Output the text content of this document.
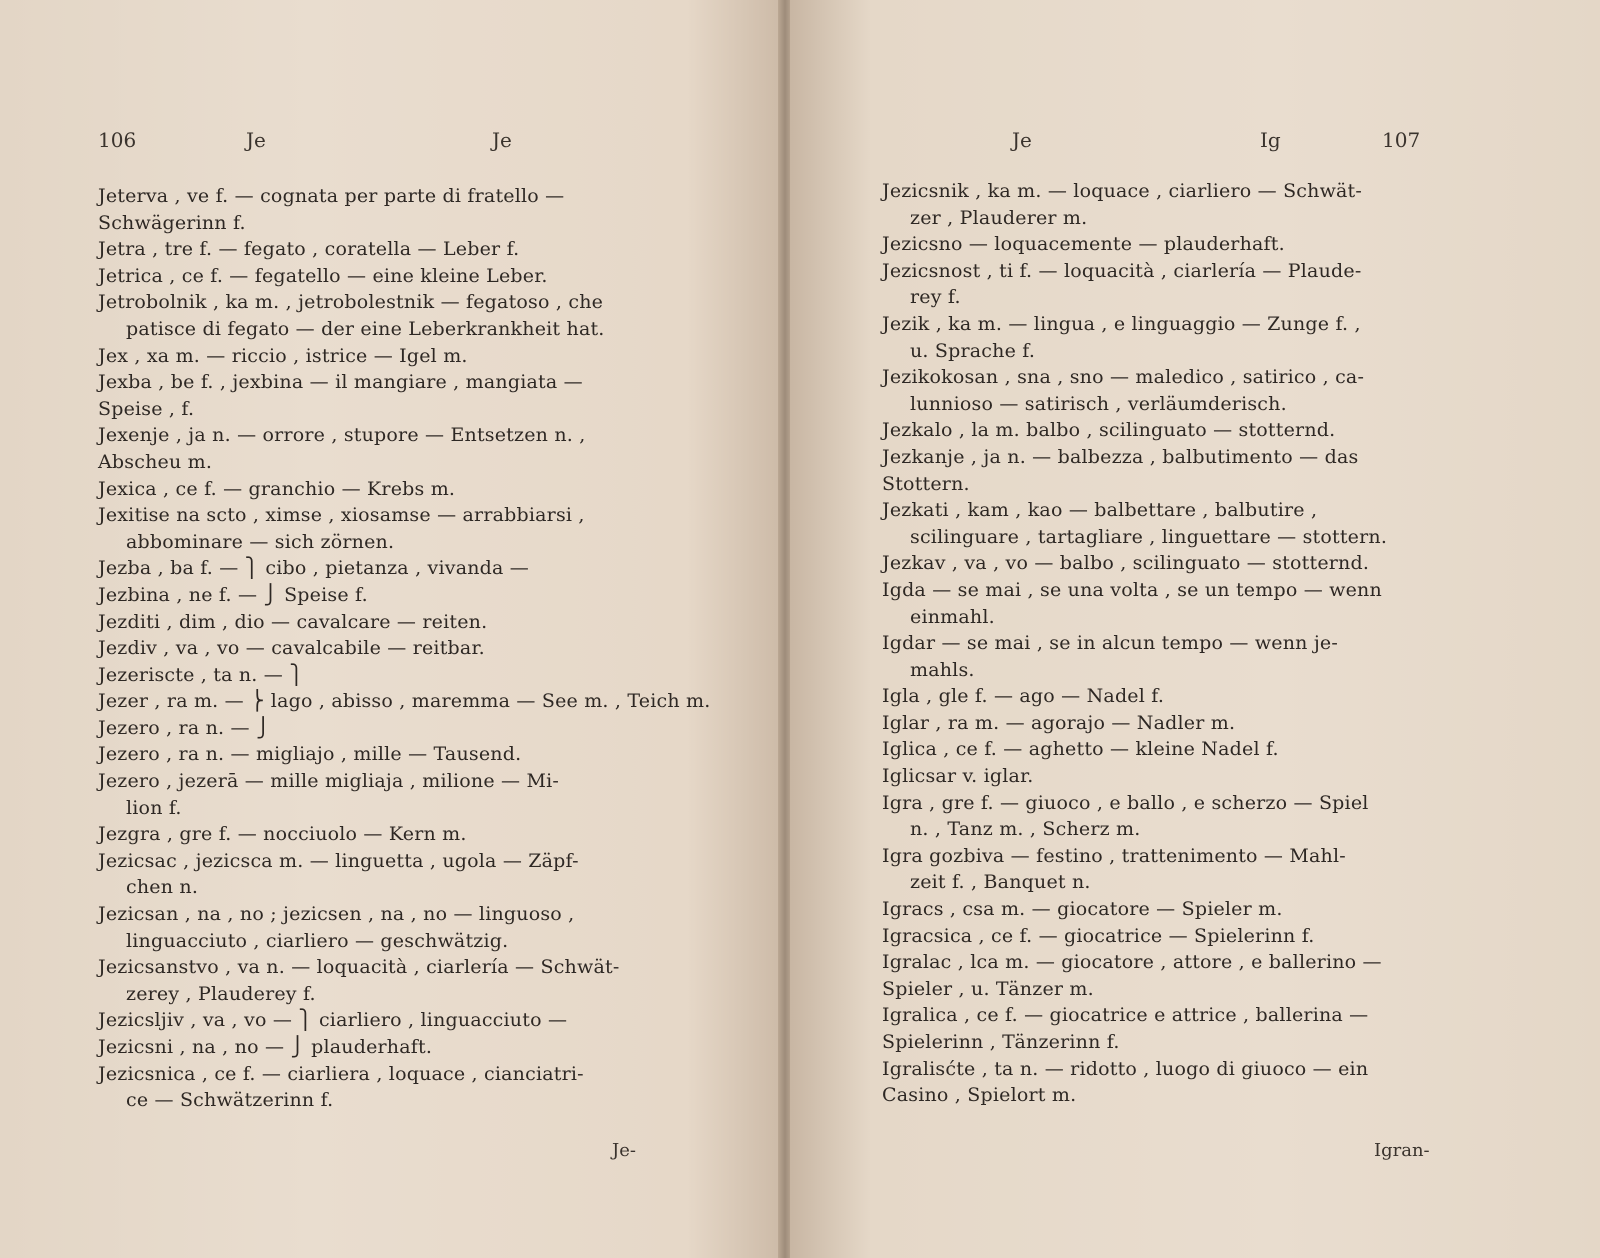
106	Je	Je
Jeterva , ve f. — cognata per parte di fratello —
Schwägerinn f.
Jetra , tre f. — fegato , coratella — Leber f.
Jetrica , ce f. — fegatello — eine kleine Leber.
Jetrobolnik , ka m. , jetrobolestnik — fegatoso , che
patisce di fegato — der eine Leberkrankheit hat.
Jex , xa m. — riccio , istrice — Igel m.
Jexba , be f. , jexbina — il mangiare , mangiata —
Speise , f.
Jexenje , ja n. — orrore , stupore — Entsetzen n. ,
Abscheu m.
Jexica , ce f. — granchio — Krebs m.
Jexitise na scto , ximse , xiosamse — arrabbiarsi ,
abbominare — sich zörnen.
Jezba , ba f. — ⎫ cibo , pietanza , vivanda —
Jezbina , ne f. — ⎭ Speise f.
Jezditi , dim , dio — cavalcare — reiten.
Jezdiv , va , vo — cavalcabile — reitbar.
Jezeriscte , ta n. — ⎫
Jezer , ra m. — ⎬ lago , abisso , maremma — See m. , Teich m.
Jezero , ra n. — ⎭
Jezero , ra n. — migliajo , mille — Tausend.
Jezero , jezerā — mille migliaja , milione — Mi-
lion f.
Jezgra , gre f. — nocciuolo — Kern m.
Jezicsac , jezicsca m. — linguetta , ugola — Zäpf-
chen n.
Jezicsan , na , no ; jezicsen , na , no — linguoso ,
linguacciuto , ciarliero — geschwätzig.
Jezicsanstvo , va n. — loquacità , ciarlería — Schwät-
zerey , Plauderey f.
Jezicsljiv , va , vo — ⎫ ciarliero , linguacciuto —
Jezicsni , na , no — ⎭ plauderhaft.
Jezicsnica , ce f. — ciarliera , loquace , cianciatri-
ce — Schwätzerinn f.
Je-
Je	Ig	107
Jezicsnik , ka m. — loquace , ciarliero — Schwät-
zer , Plauderer m.
Jezicsno — loquacemente — plauderhaft.
Jezicsnost , ti f. — loquacità , ciarlería — Plaude-
rey f.
Jezik , ka m. — lingua , e linguaggio — Zunge f. ,
u. Sprache f.
Jezikokosan , sna , sno — maledico , satirico , ca-
lunnioso — satirisch , verläumderisch.
Jezkalo , la m. balbo , scilinguato — stotternd.
Jezkanje , ja n. — balbezza , balbutimento — das
Stottern.
Jezkati , kam , kao — balbettare , balbutire ,
scilinguare , tartagliare , linguettare — stottern.
Jezkav , va , vo — balbo , scilinguato — stotternd.
Igda — se mai , se una volta , se un tempo — wenn
einmahl.
Igdar — se mai , se in alcun tempo — wenn je-
mahls.
Igla , gle f. — ago — Nadel f.
Iglar , ra m. — agorajo — Nadler m.
Iglica , ce f. — aghetto — kleine Nadel f.
Iglicsar v. iglar.
Igra , gre f. — giuoco , e ballo , e scherzo — Spiel
n. , Tanz m. , Scherz m.
Igra gozbiva — festino , trattenimento — Mahl-
zeit f. , Banquet n.
Igracs , csa m. — giocatore — Spieler m.
Igracsica , ce f. — giocatrice — Spielerinn f.
Igralac , lca m. — giocatore , attore , e ballerino —
Spieler , u. Tänzer m.
Igralica , ce f. — giocatrice e attrice , ballerina —
Spielerinn , Tänzerinn f.
Igralisćte , ta n. — ridotto , luogo di giuoco — ein
Casino , Spielort m.
Igran-
